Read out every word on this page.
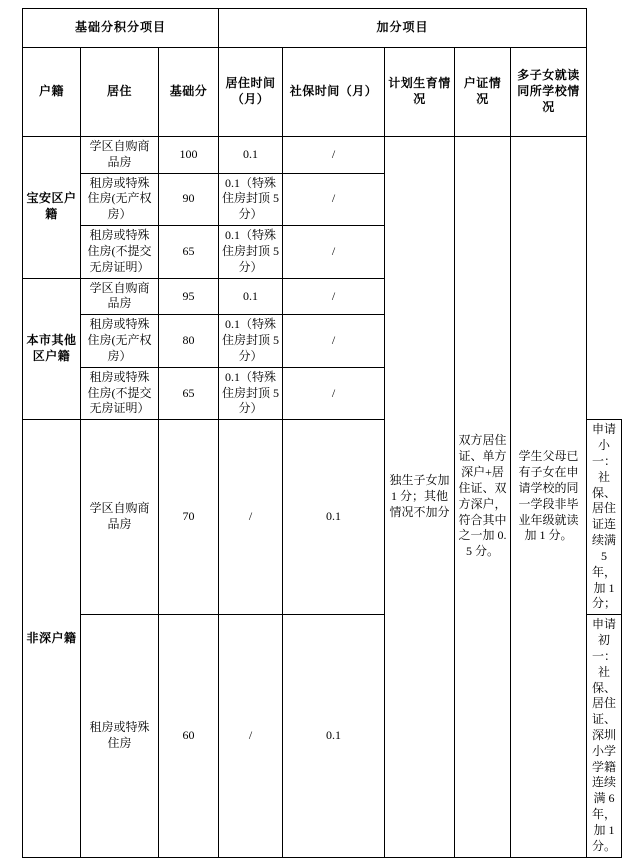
基础分积分项目			加分项目					
户籍	居住	基础分	居住时间（月）	社保时间（月）	计划生育情况	户证情况	多子女就读同所学校情况	
宝安区户籍	学区自购商品房	100	0.1	/	独生子女加 1 分；其他情况不加分	双方居住证、单方深户+居住证、双方深户，符合其中之一加 0.5 分。	学生父母已有子女在申请学校的同一学段非毕业年级就读加 1 分。	
	租房或特殊住房(无产权房）	90	0.1（特殊住房封顶 5 分）	/				
	租房或特殊住房(不提交无房证明）	65	0.1（特殊住房封顶 5 分）	/				
本市其他区户籍	学区自购商品房	95	0.1	/				
	租房或特殊住房(无产权房）	80	0.1（特殊住房封顶 5 分）	/				
	租房或特殊住房(不提交无房证明）	65	0.1（特殊住房封顶 5 分）	/				
非深户籍	学区自购商品房	70	/	0.1				申请小一：社保、居住证连续满 5 年，加 1 分；
	租房或特殊住房	60	/	0.1				申请初一：社保、居住证、深圳小学学籍连续满 6 年，加 1 分。
